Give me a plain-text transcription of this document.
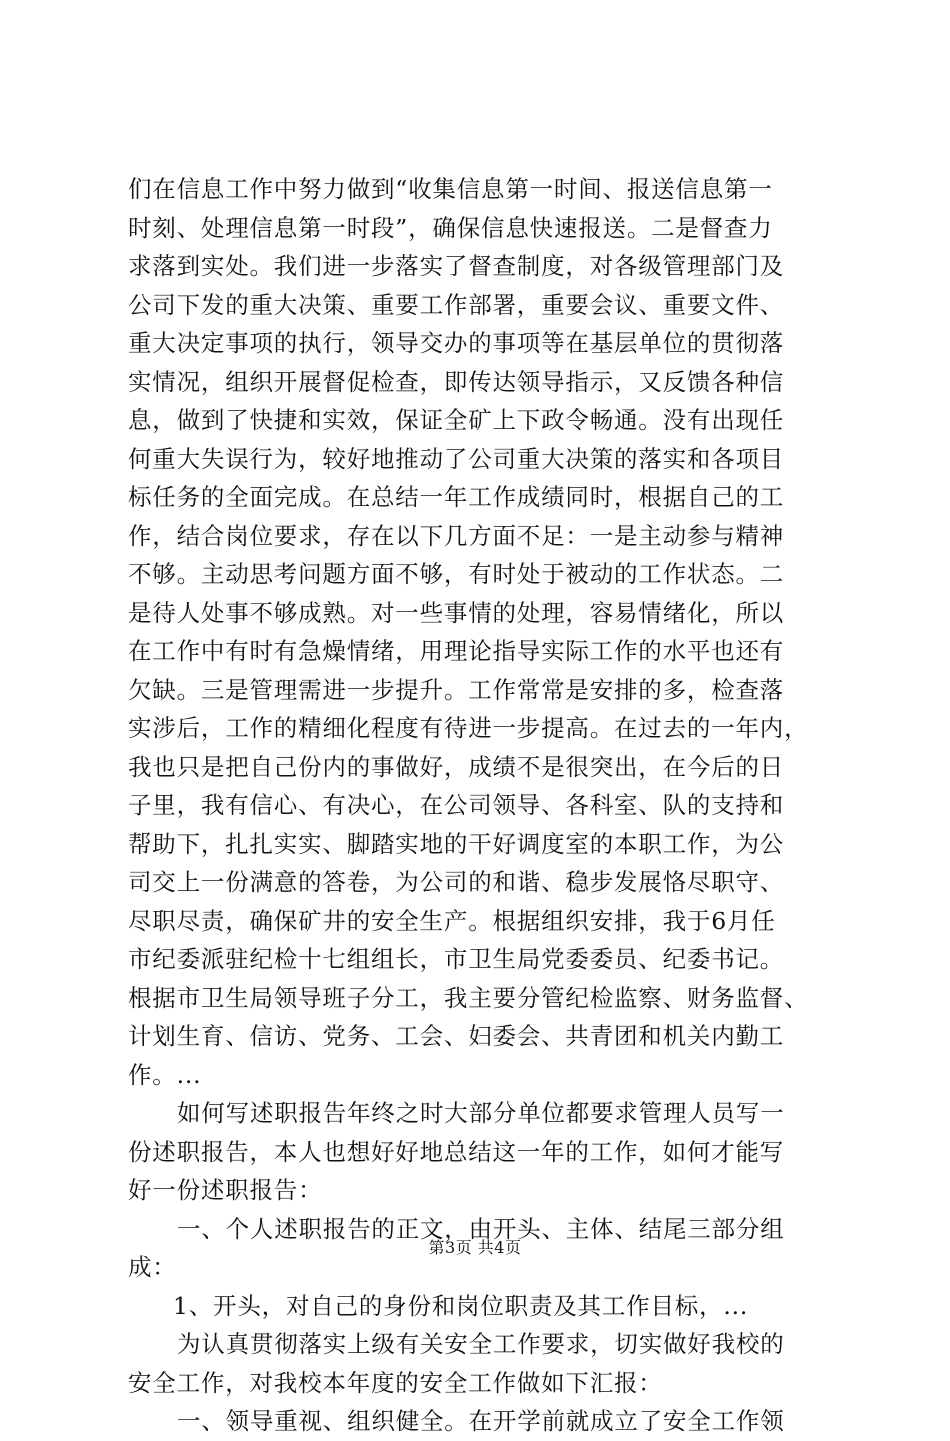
们在信息工作中努力做到“收集信息第一时间、报送信息第一
时刻、处理信息第一时段”，确保信息快速报送。二是督查力
求落到实处。我们进一步落实了督查制度，对各级管理部门及
公司下发的重大决策、重要工作部署，重要会议、重要文件、
重大决定事项的执行，领导交办的事项等在基层单位的贯彻落
实情况，组织开展督促检查，即传达领导指示，又反馈各种信
息，做到了快捷和实效，保证全矿上下政令畅通。没有出现任
何重大失误行为，较好地推动了公司重大决策的落实和各项目
标任务的全面完成。在总结一年工作成绩同时，根据自己的工
作，结合岗位要求，存在以下几方面不足：一是主动参与精神
不够。主动思考问题方面不够，有时处于被动的工作状态。二
是待人处事不够成熟。对一些事情的处理，容易情绪化，所以
在工作中有时有急燥情绪，用理论指导实际工作的水平也还有
欠缺。三是管理需进一步提升。工作常常是安排的多，检查落
实涉后，工作的精细化程度有待进一步提高。在过去的一年内，
我也只是把自己份内的事做好，成绩不是很突出，在今后的日
子里，我有信心、有决心，在公司领导、各科室、队的支持和
帮助下，扎扎实实、脚踏实地的干好调度室的本职工作，为公
司交上一份满意的答卷，为公司的和谐、稳步发展恪尽职守、
尽职尽责，确保矿井的安全生产。根据组织安排，我于6月任
市纪委派驻纪检十七组组长，市卫生局党委委员、纪委书记。
根据市卫生局领导班子分工，我主要分管纪检监察、财务监督、
计划生育、信访、党务、工会、妇委会、共青团和机关内勤工
作。...
如何写述职报告年终之时大部分单位都要求管理人员写一
份述职报告，本人也想好好地总结这一年的工作，如何才能写
好一份述职报告：
一、个人述职报告的正文，由开头、主体、结尾三部分组
成：
1、开头，对自己的身份和岗位职责及其工作目标，...
为认真贯彻落实上级有关安全工作要求，切实做好我校的
安全工作，对我校本年度的安全工作做如下汇报：
一、领导重视、组织健全。在开学前就成立了安全工作领
第3页 共4页
